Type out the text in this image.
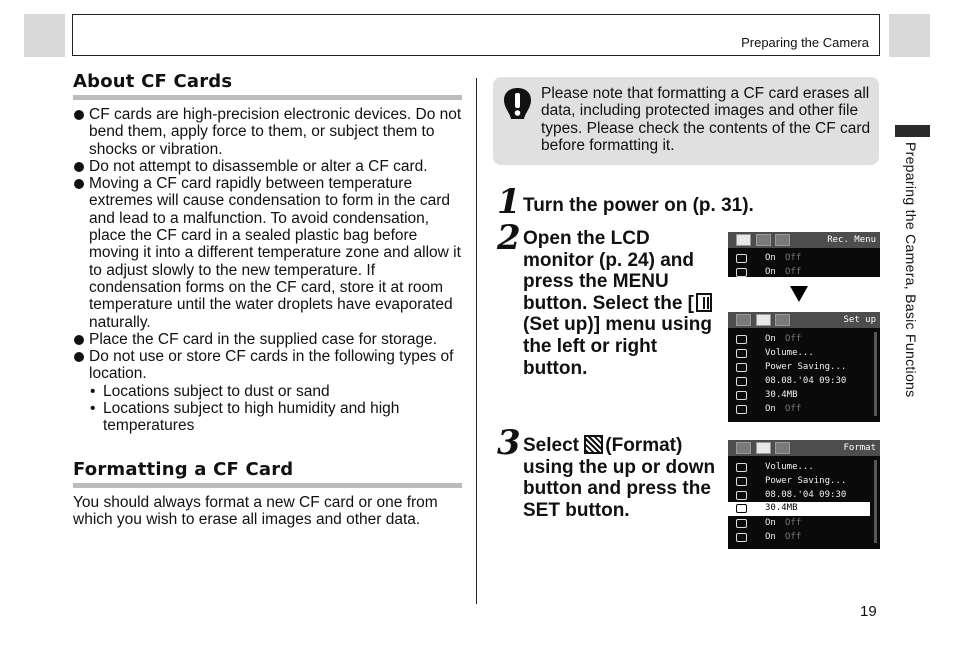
Preparing the Camera
About CF Cards
CF cards are high-precision electronic devices. Do not bend them, apply force to them, or subject them to shocks or vibration.
Do not attempt to disassemble or alter a CF card.
Moving a CF card rapidly between temperature extremes will cause condensation to form in the card and lead to a malfunction. To avoid condensation, place the CF card in a sealed plastic bag before moving it into a different temperature zone and allow it to adjust slowly to the new temperature. If condensation forms on the CF card, store it at room temperature until the water droplets have evaporated naturally.
Place the CF card in the supplied case for storage.
Do not use or store CF cards in the following types of location.
• Locations subject to dust or sand
• Locations subject to high humidity and high temperatures
Formatting a CF Card
You should always format a new CF card or one from which you wish to erase all images and other data.
Please note that formatting a CF card erases all data, including protected images and other file types. Please check the contents of the CF card before formatting it.
1 Turn the power on (p. 31).
2 Open the LCD monitor (p. 24) and press the MENU button. Select the [ (Set up)] menu using the left or right button.
3 Select (Format) using the up or down button and press the SET button.
Rec. Menu
On Off
On Off
Set up
On Off
Volume...
Power Saving...
08.08.'04 09:30
30.4MB
On Off
Format
Volume...
Power Saving...
08.08.'04 09:30
30.4MB
On Off
On Off
Preparing the Camera, Basic Functions
19
